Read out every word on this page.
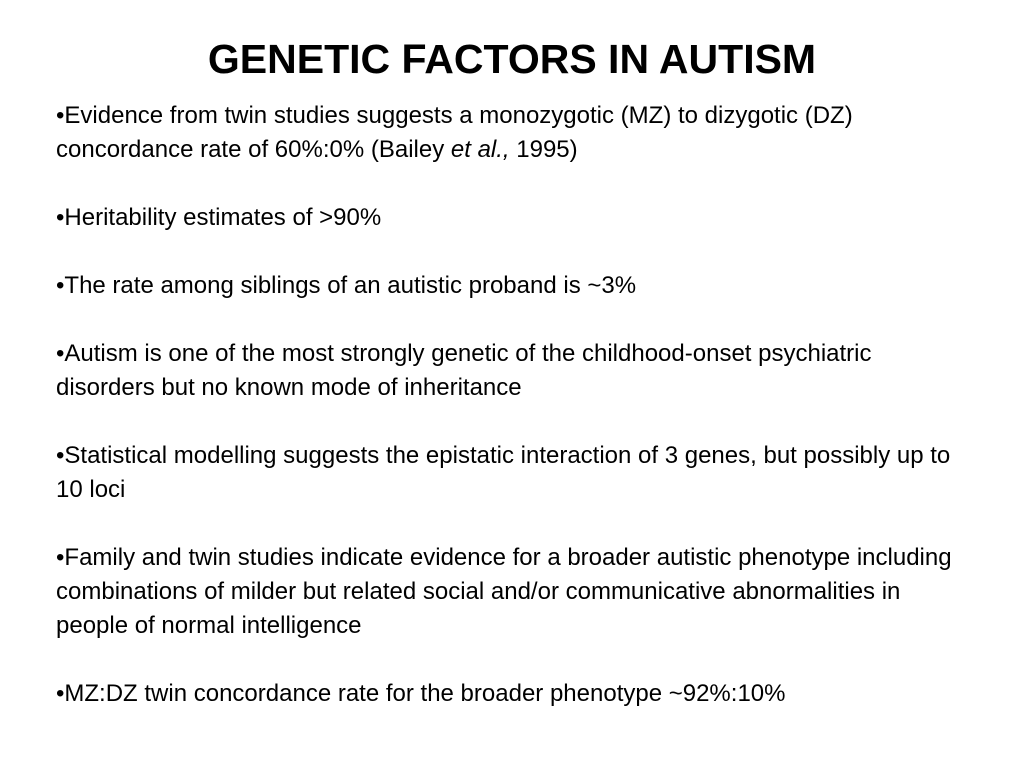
GENETIC FACTORS IN AUTISM
•Evidence from twin studies suggests a monozygotic (MZ) to dizygotic (DZ) concordance rate of 60%:0% (Bailey et al., 1995)
•Heritability estimates of >90%
•The rate among siblings of an autistic proband is ~3%
•Autism is one of the most strongly genetic of the childhood-onset psychiatric disorders but no known mode of inheritance
•Statistical modelling suggests the epistatic interaction of 3 genes, but possibly up to 10 loci
•Family and twin studies indicate evidence for a broader autistic phenotype including combinations of milder but related social and/or communicative abnormalities in people of normal intelligence
•MZ:DZ twin concordance rate for the broader phenotype ~92%:10%
